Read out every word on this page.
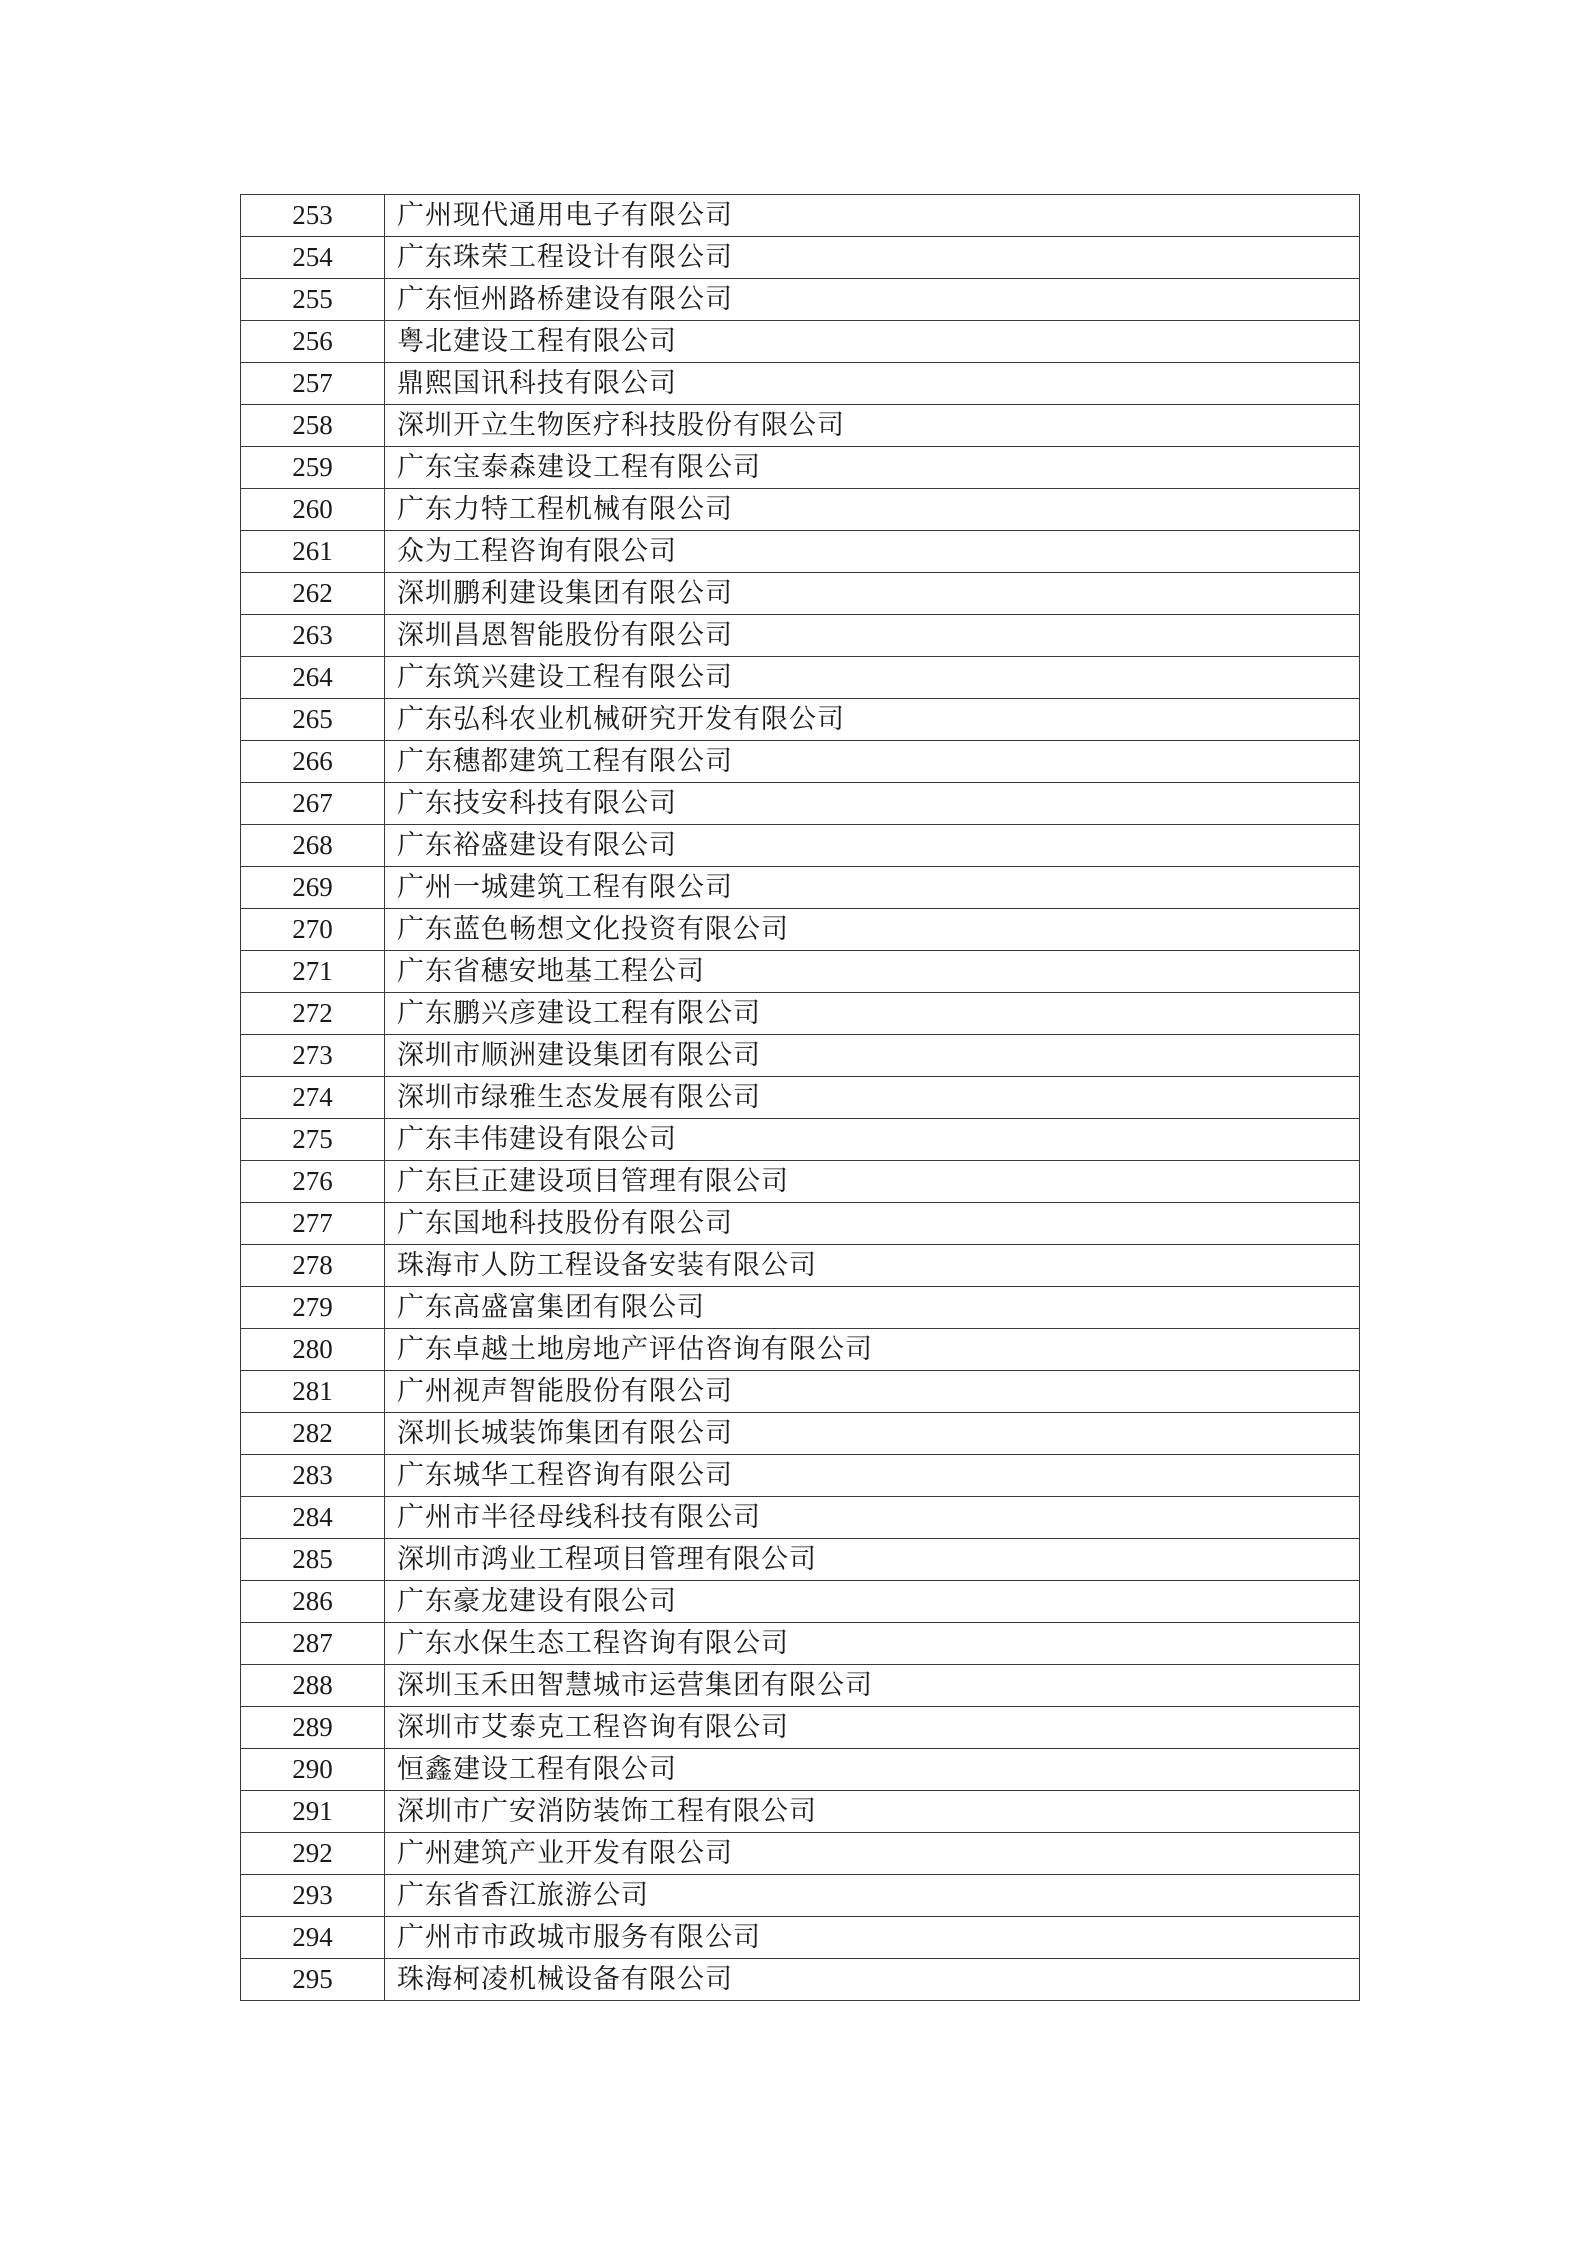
253	广州现代通用电子有限公司
254	广东珠荣工程设计有限公司
255	广东恒州路桥建设有限公司
256	粤北建设工程有限公司
257	鼎熙国讯科技有限公司
258	深圳开立生物医疗科技股份有限公司
259	广东宝泰森建设工程有限公司
260	广东力特工程机械有限公司
261	众为工程咨询有限公司
262	深圳鹏利建设集团有限公司
263	深圳昌恩智能股份有限公司
264	广东筑兴建设工程有限公司
265	广东弘科农业机械研究开发有限公司
266	广东穗都建筑工程有限公司
267	广东技安科技有限公司
268	广东裕盛建设有限公司
269	广州一城建筑工程有限公司
270	广东蓝色畅想文化投资有限公司
271	广东省穗安地基工程公司
272	广东鹏兴彦建设工程有限公司
273	深圳市顺洲建设集团有限公司
274	深圳市绿雅生态发展有限公司
275	广东丰伟建设有限公司
276	广东巨正建设项目管理有限公司
277	广东国地科技股份有限公司
278	珠海市人防工程设备安装有限公司
279	广东高盛富集团有限公司
280	广东卓越土地房地产评估咨询有限公司
281	广州视声智能股份有限公司
282	深圳长城装饰集团有限公司
283	广东城华工程咨询有限公司
284	广州市半径母线科技有限公司
285	深圳市鸿业工程项目管理有限公司
286	广东豪龙建设有限公司
287	广东水保生态工程咨询有限公司
288	深圳玉禾田智慧城市运营集团有限公司
289	深圳市艾泰克工程咨询有限公司
290	恒鑫建设工程有限公司
291	深圳市广安消防装饰工程有限公司
292	广州建筑产业开发有限公司
293	广东省香江旅游公司
294	广州市市政城市服务有限公司
295	珠海柯凌机械设备有限公司
